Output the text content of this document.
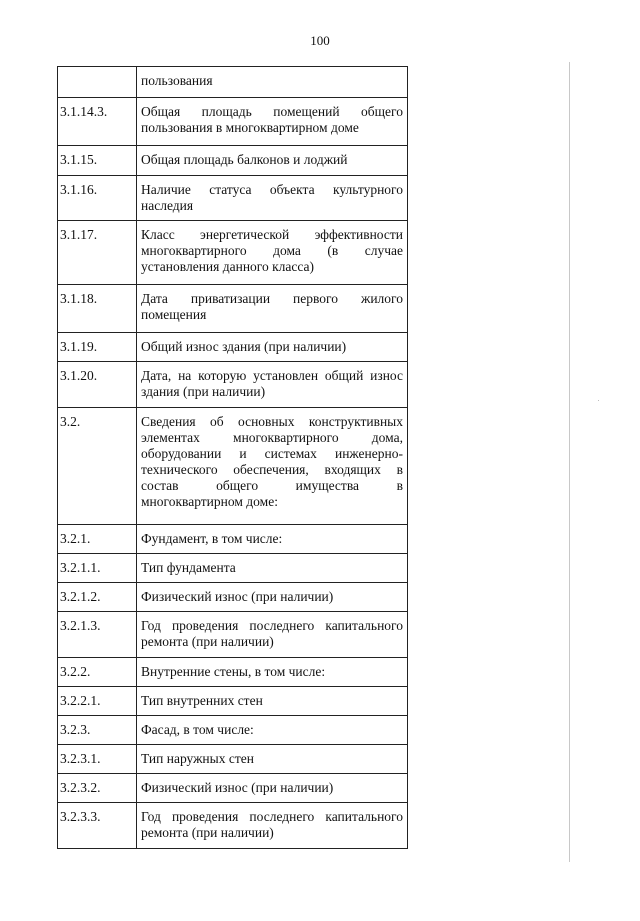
100
	пользования
3.1.14.3.	Общая площадь помещений общего пользования в многоквартирном доме
3.1.15.	Общая площадь балконов и лоджий
3.1.16.	Наличие статуса объекта культурного наследия
3.1.17.	Класс энергетической эффективности многоквартирного дома (в случае установления данного класса)
3.1.18.	Дата приватизации первого жилого помещения
3.1.19.	Общий износ здания (при наличии)
3.1.20.	Дата, на которую установлен общий износ здания (при наличии)
3.2.	Сведения об основных конструктивных элементах многоквартирного дома, оборудовании и системах инженерно-технического обеспечения, входящих в состав общего имущества в многоквартирном доме:
3.2.1.	Фундамент, в том числе:
3.2.1.1.	Тип фундамента
3.2.1.2.	Физический износ (при наличии)
3.2.1.3.	Год проведения последнего капитального ремонта (при наличии)
3.2.2.	Внутренние стены, в том числе:
3.2.2.1.	Тип внутренних стен
3.2.3.	Фасад, в том числе:
3.2.3.1.	Тип наружных стен
3.2.3.2.	Физический износ (при наличии)
3.2.3.3.	Год проведения последнего капитального ремонта (при наличии)
